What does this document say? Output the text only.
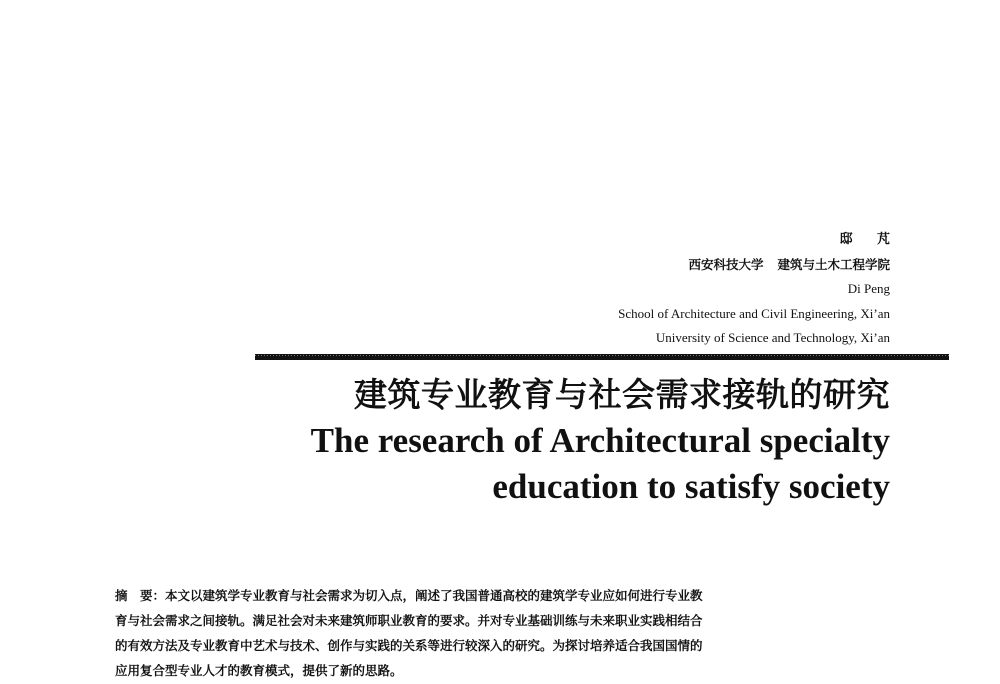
邸 芃
西安科技大学 建筑与土木工程学院
Di Peng
School of Architecture and Civil Engineering, Xi’an
University of Science and Technology, Xi’an
建筑专业教育与社会需求接轨的研究
The research of Architectural specialty
education to satisfy society
摘　要：本文以建筑学专业教育与社会需求为切入点，阐述了我国普通高校的建筑学专业应如何进行专业教
育与社会需求之间接轨。满足社会对未来建筑师职业教育的要求。并对专业基础训练与未来职业实践相结合
的有效方法及专业教育中艺术与技术、创作与实践的关系等进行较深入的研究。为探讨培养适合我国国情的
应用复合型专业人才的教育模式，提供了新的思路。
